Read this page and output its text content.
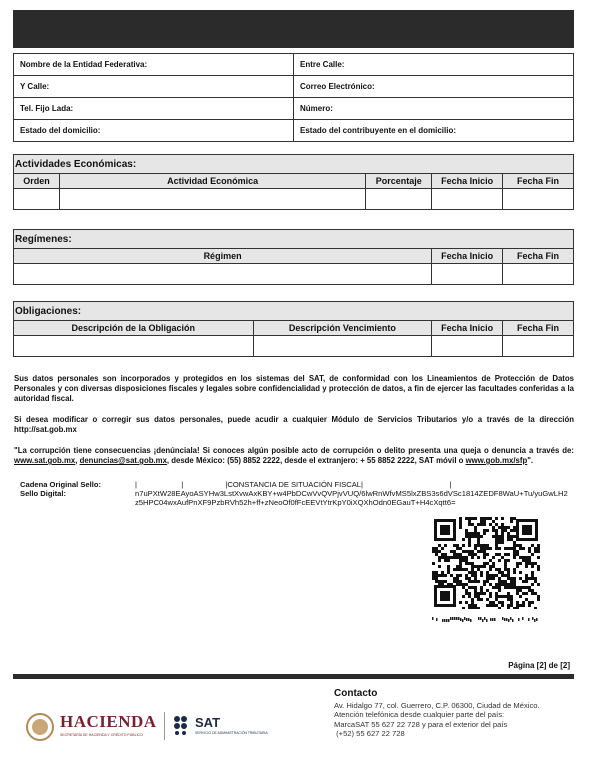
Nombre de la Entidad Federativa:	Entre Calle:
Y Calle:	Correo Electrónico:
Tel. Fijo Lada:	Número:
Estado del domicilio:	Estado del contribuyente en el domicilio:
Actividades Económicas:				
Orden	Actividad Económica	Porcentaje	Fecha Inicio	Fecha Fin

Regímenes:		
Régimen	Fecha Inicio	Fecha Fin

Obligaciones:			
Descripción de la Obligación	Descripción Vencimiento	Fecha Inicio	Fecha Fin

Sus datos personales son incorporados y protegidos en los sistemas del SAT, de conformidad con los Lineamientos de Protección de Datos Personales y con diversas disposiciones fiscales y legales sobre confidencialidad y protección de datos, a fin de ejercer las facultades conferidas a la autoridad fiscal.
Si desea modificar o corregir sus datos personales, puede acudir a cualquier Módulo de Servicios Tributarios y/o a través de la dirección http://sat.gob.mx
"La corrupción tiene consecuencias ¡denúnciala! Si conoces algún posible acto de corrupción o delito presenta una queja o denuncia a través de: www.sat.gob.mx, denuncias@sat.gob.mx, desde México: (55) 8852 2222, desde el extranjero: + 55 8852 2222, SAT móvil o www.gob.mx/sfp".
Cadena Original Sello:	|                     |                    |CONSTANCIA DE SITUACIÓN FISCAL|                                         |
Sello Digital:	n7uPXtW28EAyoASYHw3LstXvwAxKBY+w4PbDCwVvQVPjvVUQ/6lwRnWfvMS5lxZBS3s6dVSc1814ZEDF8WaU+Tu/yuGwLH2z5HPC04wxAufPnXF9PzbRVh52h+ff+zNeoOf0fFcEEVtYtrKpY0iXQXhOdn0EGauT+H4cXqtt6=
Página [2] de [2]
HACIENDA
SECRETARÍA DE HACIENDA Y CRÉDITO PÚBLICO
SAT
SERVICIO DE ADMINISTRACIÓN TRIBUTARIA
Contacto
Av. Hidalgo 77, col. Guerrero, C.P. 06300, Ciudad de México.
Atención telefónica desde cualquier parte del país:
MarcaSAT 55 627 22 728 y para el exterior del país
(+52) 55 627 22 728
